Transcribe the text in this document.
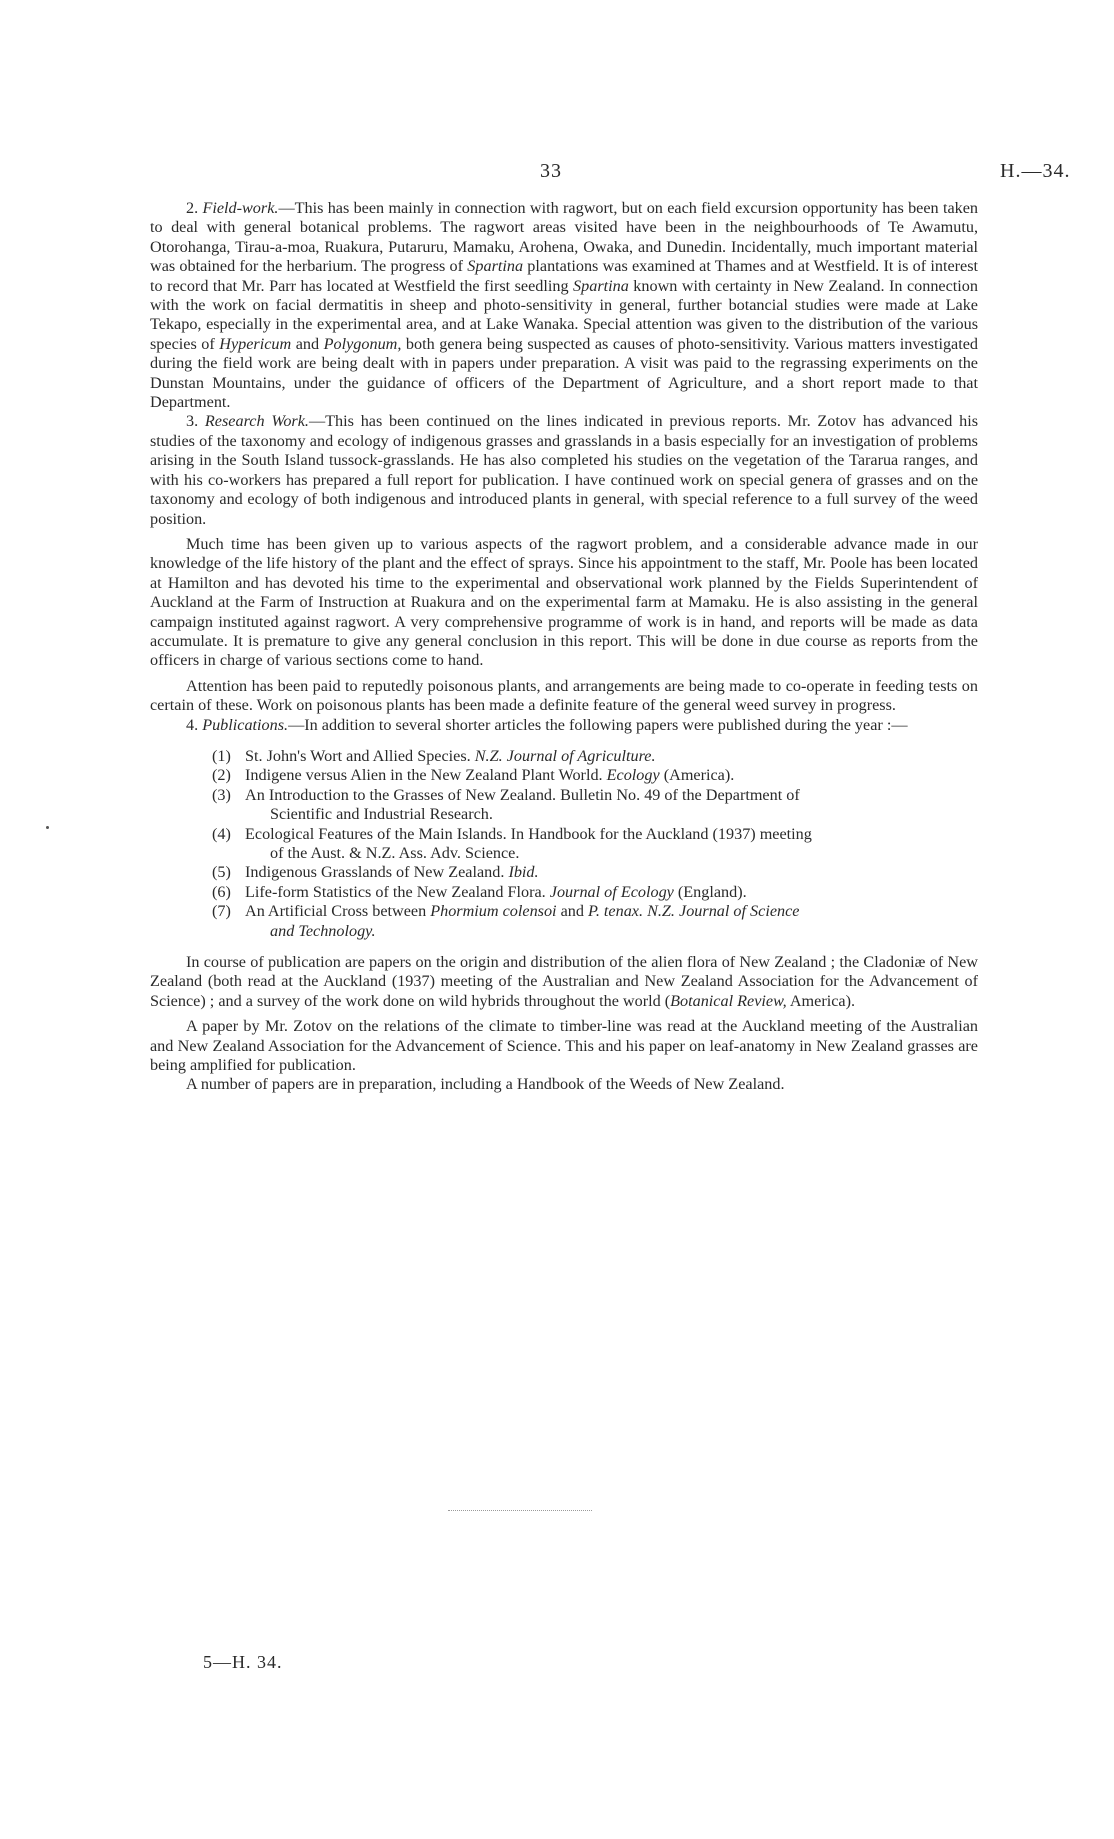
33	H.—34.

2. Field-work.—This has been mainly in connection with ragwort, but on each field excursion opportunity has been taken to deal with general botanical problems. The ragwort areas visited have been in the neighbourhoods of Te Awamutu, Otorohanga, Tirau-a-moa, Ruakura, Putaruru, Mamaku, Arohena, Owaka, and Dunedin. Incidentally, much important material was obtained for the herbarium. The progress of Spartina plantations was examined at Thames and at Westfield. It is of interest to record that Mr. Parr has located at Westfield the first seedling Spartina known with certainty in New Zealand. In connection with the work on facial dermatitis in sheep and photo-sensitivity in general, further botancial studies were made at Lake Tekapo, especially in the experimental area, and at Lake Wanaka. Special attention was given to the distribution of the various species of Hypericum and Polygonum, both genera being suspected as causes of photo-sensitivity. Various matters investigated during the field work are being dealt with in papers under preparation. A visit was paid to the regrassing experiments on the Dunstan Mountains, under the guidance of officers of the Department of Agriculture, and a short report made to that Department.

3. Research Work.—This has been continued on the lines indicated in previous reports. Mr. Zotov has advanced his studies of the taxonomy and ecology of indigenous grasses and grasslands in a basis especially for an investigation of problems arising in the South Island tussock-grasslands. He has also completed his studies on the vegetation of the Tararua ranges, and with his co-workers has prepared a full report for publication. I have continued work on special genera of grasses and on the taxonomy and ecology of both indigenous and introduced plants in general, with special reference to a full survey of the weed position.

Much time has been given up to various aspects of the ragwort problem, and a considerable advance made in our knowledge of the life history of the plant and the effect of sprays. Since his appointment to the staff, Mr. Poole has been located at Hamilton and has devoted his time to the experimental and observational work planned by the Fields Superintendent of Auckland at the Farm of Instruction at Ruakura and on the experimental farm at Mamaku. He is also assisting in the general campaign instituted against ragwort. A very comprehensive programme of work is in hand, and reports will be made as data accumulate. It is premature to give any general conclusion in this report. This will be done in due course as reports from the officers in charge of various sections come to hand.

Attention has been paid to reputedly poisonous plants, and arrangements are being made to co-operate in feeding tests on certain of these. Work on poisonous plants has been made a definite feature of the general weed survey in progress.

4. Publications.—In addition to several shorter articles the following papers were published during the year :—

(1) St. John's Wort and Allied Species. N.Z. Journal of Agriculture.
(2) Indigene versus Alien in the New Zealand Plant World. Ecology (America).
(3) An Introduction to the Grasses of New Zealand. Bulletin No. 49 of the Department of
Scientific and Industrial Research.
(4) Ecological Features of the Main Islands. In Handbook for the Auckland (1937) meeting
of the Aust. & N.Z. Ass. Adv. Science.
(5) Indigenous Grasslands of New Zealand. Ibid.
(6) Life-form Statistics of the New Zealand Flora. Journal of Ecology (England).
(7) An Artificial Cross between Phormium colensoi and P. tenax. N.Z. Journal of Science
and Technology.

In course of publication are papers on the origin and distribution of the alien flora of New Zealand ; the Cladoniæ of New Zealand (both read at the Auckland (1937) meeting of the Australian and New Zealand Association for the Advancement of Science) ; and a survey of the work done on wild hybrids throughout the world (Botanical Review, America).

A paper by Mr. Zotov on the relations of the climate to timber-line was read at the Auckland meeting of the Australian and New Zealand Association for the Advancement of Science. This and his paper on leaf-anatomy in New Zealand grasses are being amplified for publication.

A number of papers are in preparation, including a Handbook of the Weeds of New Zealand.

5—H. 34.
